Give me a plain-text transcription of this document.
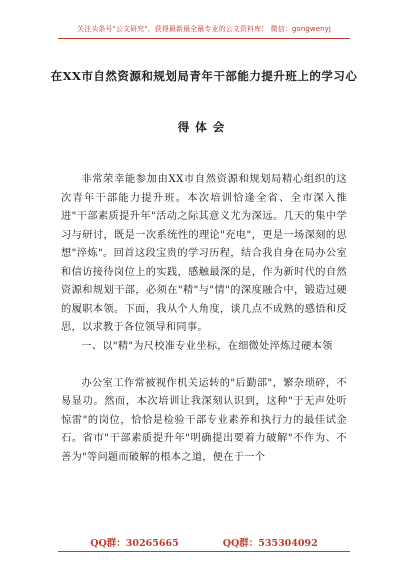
关注头条号"公文研究"，获得最新最全最专业的公文资料库！ 微信：gongwenyj
在XX市自然资源和规划局青年干部能力提升班上的学习心
得体会

非常荣幸能参加由XX市自然资源和规划局精心组织的这次青年干部能力提升班。本次培训恰逢全省、全市深入推进"干部素质提升年"活动之际其意义尤为深远。几天的集中学习与研讨，既是一次系统性的理论"充电"，更是一场深刻的思想"淬炼"。回首这段宝贵的学习历程，结合我自身在局办公室和信访接待岗位上的实践，感触最深的是，作为新时代的自然资源和规划干部，必须在"精"与"情"的深度融合中，锻造过硬的履职本领。下面，我从个人角度，谈几点不成熟的感悟和反思，以求教于各位领导和同事。

一、以"精"为尺校准专业坐标，在细微处淬炼过硬本领

办公室工作常被视作机关运转的"后勤部"，繁杂琐碎，不易显功。然而，本次培训让我深刻认识到，这种"于无声处听惊雷"的岗位，恰恰是检验干部专业素养和执行力的最佳试金石。省市"干部素质提升年"明确提出要着力破解"不作为、不善为"等问题而破解的根本之道，便在于一个

QQ群：30265665	QQ群：535304092
